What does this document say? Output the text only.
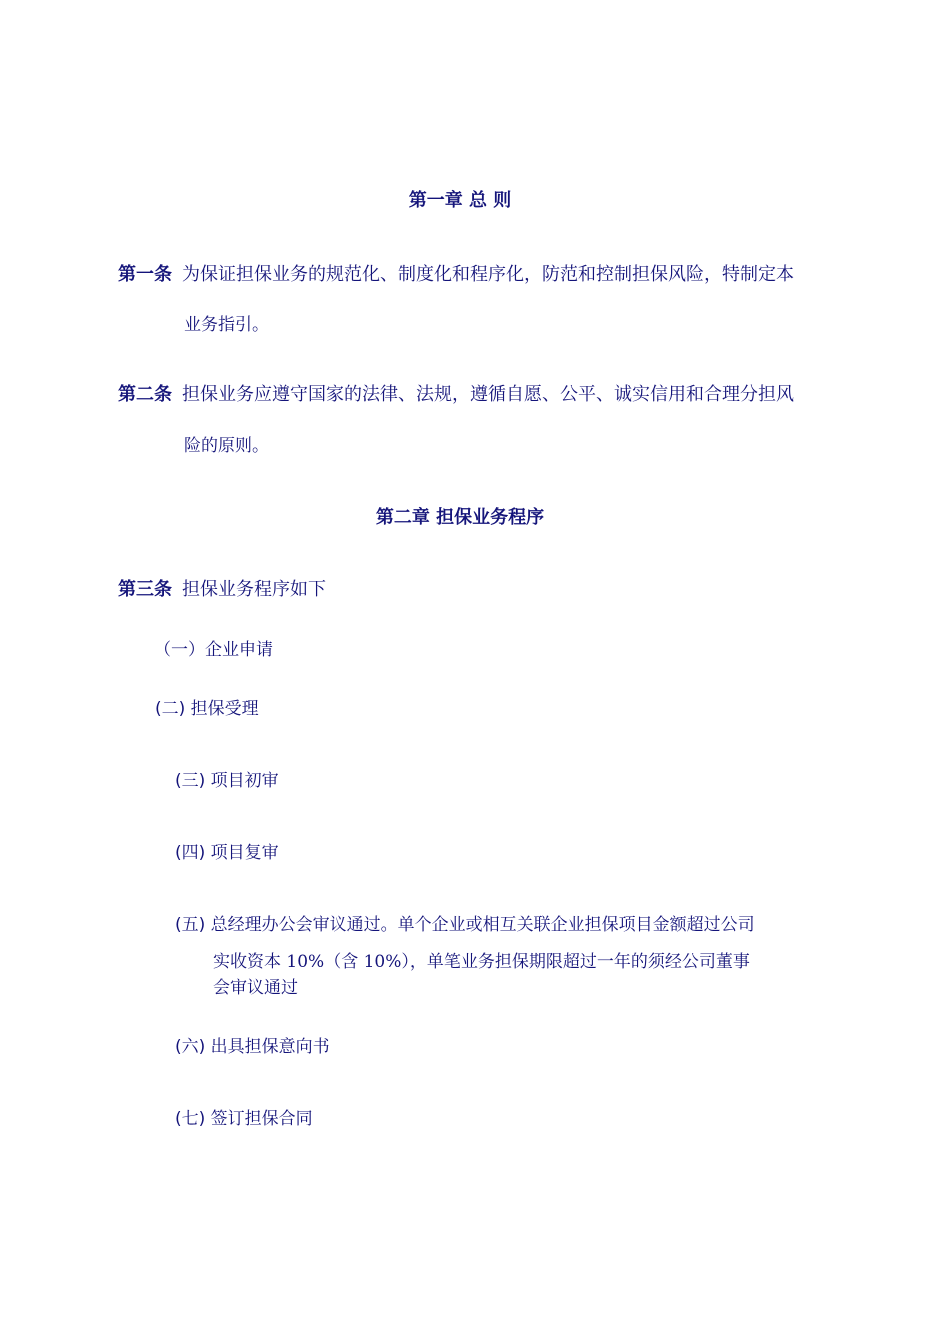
第一章 总 则
第一条 为保证担保业务的规范化、制度化和程序化，防范和控制担保风险，特制定本
业务指引。
第二条 担保业务应遵守国家的法律、法规，遵循自愿、公平、诚实信用和合理分担风
险的原则。
第二章 担保业务程序
第三条 担保业务程序如下
（一）企业申请
(二) 担保受理
(三) 项目初审
(四) 项目复审
(五) 总经理办公会审议通过。单个企业或相互关联企业担保项目金额超过公司
实收资本 10%（含 10%），单笔业务担保期限超过一年的须经公司董事
会审议通过
(六) 出具担保意向书
(七) 签订担保合同
